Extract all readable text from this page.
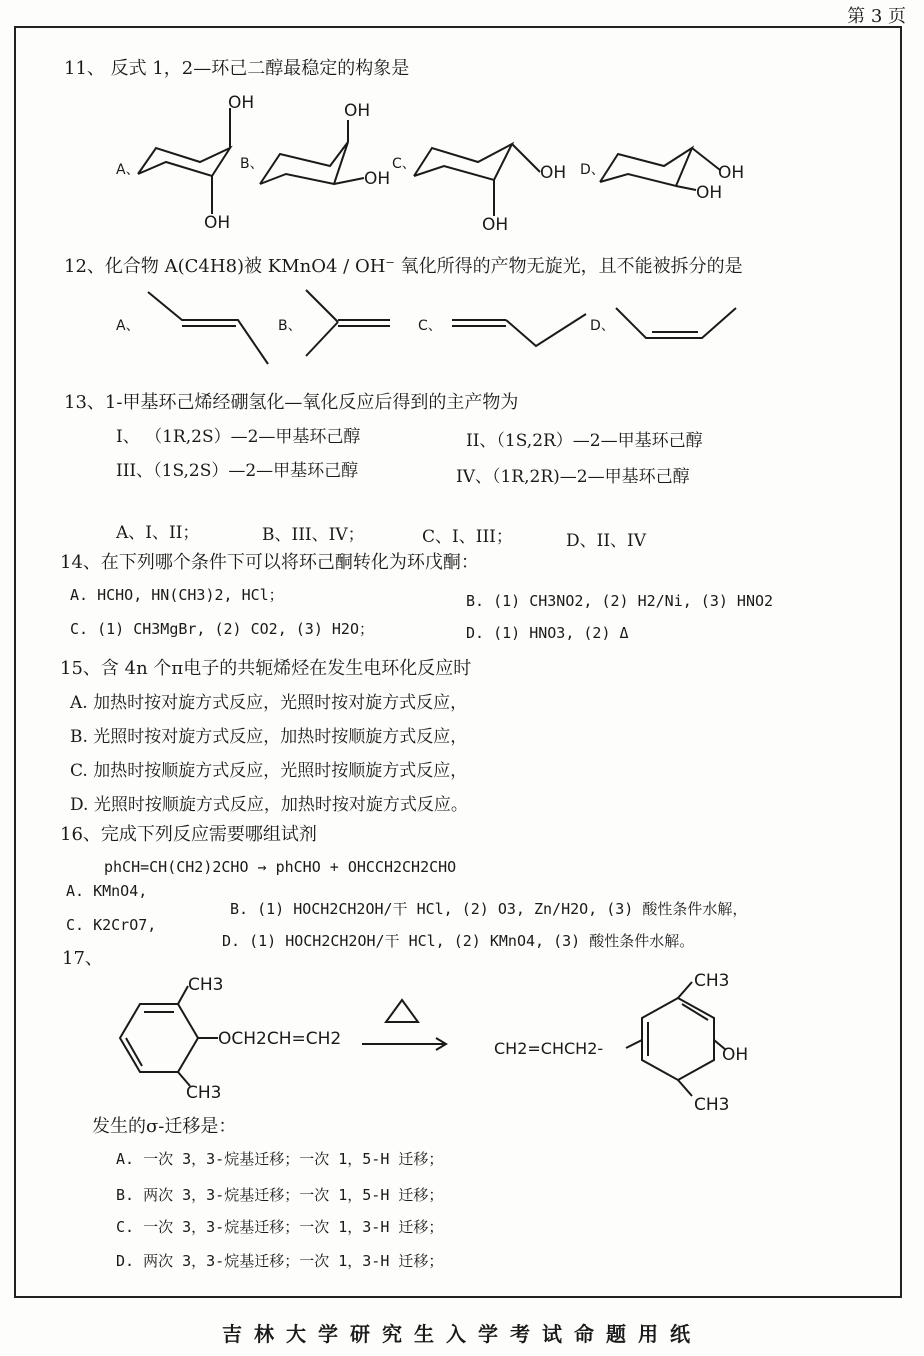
第 3 页
11、 反式 1，2—环己二醇最稳定的构象是
A、
OH
OH
B、
OH
OH
C、	OH
OH
D、	OH
OH
12、化合物 A(C4H8)被 KMnO4 / OH⁻ 氧化所得的产物无旋光，且不能被拆分的是
A、	B、	C、	D、
13、1-甲基环己烯经硼氢化—氧化反应后得到的主产物为
I、 （1R,2S）—2—甲基环己醇	II、（1S,2R）—2—甲基环己醇
III、（1S,2S）—2—甲基环己醇	IV、（1R,2R)—2—甲基环己醇
A、I、II；	B、III、IV；	C、I、III；	D、II、IV
14、在下列哪个条件下可以将环己酮转化为环戊酮：
A. HCHO, HN(CH3)2, HCl；	B. (1) CH3NO2, (2) H2/Ni, (3) HNO2
C. (1) CH3MgBr, (2) CO2, (3) H2O；	D. (1) HNO3, (2) Δ
15、含 4n 个π电子的共轭烯烃在发生电环化反应时
A. 加热时按对旋方式反应，光照时按对旋方式反应，
B. 光照时按对旋方式反应，加热时按顺旋方式反应，
C. 加热时按顺旋方式反应，光照时按顺旋方式反应，
D. 光照时按顺旋方式反应，加热时按对旋方式反应。
16、完成下列反应需要哪组试剂
phCH=CH(CH2)2CHO → phCHO + OHCCH2CH2CHO
A. KMnO4,
B. (1) HOCH2CH2OH/干 HCl, (2) O3, Zn/H2O, (3) 酸性条件水解，
C. K2CrO7,
D. (1) HOCH2CH2OH/干 HCl, (2) KMnO4, (3) 酸性条件水解。
17、
CH3
OCH2CH=CH2
CH3
CH2=CHCH2-
CH3
OH
CH3
发生的σ-迁移是：
A. 一次 3，3-烷基迁移；一次 1，5-H 迁移；
B. 两次 3，3-烷基迁移；一次 1，5-H 迁移；
C. 一次 3，3-烷基迁移；一次 1，3-H 迁移；
D. 两次 3，3-烷基迁移；一次 1，3-H 迁移；
吉林大学研究生入学考试命题用纸
